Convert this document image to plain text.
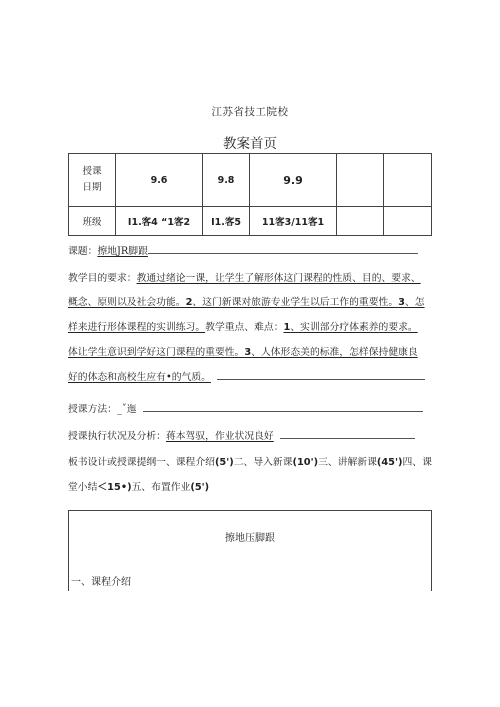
江苏省技工院校
教案首页
授课
日期	9.6	9.8	9.9		
班级	I1.客4 “1客2	I1.客5	11客3/11客1		
课题：擦地JR脚跟
教学目的要求：教通过绪论一课，让学生了解形体这门课程的性质、目的、要求、
概念、原则以及社会功能。2、这门新课对旅游专业学生以后工作的重要性。3、怎
样来进行形体课程的实训练习。教学重点、难点：1、实训部分疗体素养的要求。
体让学生意识到学好这门课程的重要性。3、人体形态美的标准，怎样保持健康良
好的体态和高校生应有•的气质。
授课方法：_ˇ迤
授课执行状况及分析：蒋本驾驭，作业状况良好
板书设计或授课提纲一、课程介绍(5')二、导入新课(10')三、讲解新课(45')四、课
堂小结＜15•)五、布置作业(5')
擦地压脚跟
一、课程介绍
